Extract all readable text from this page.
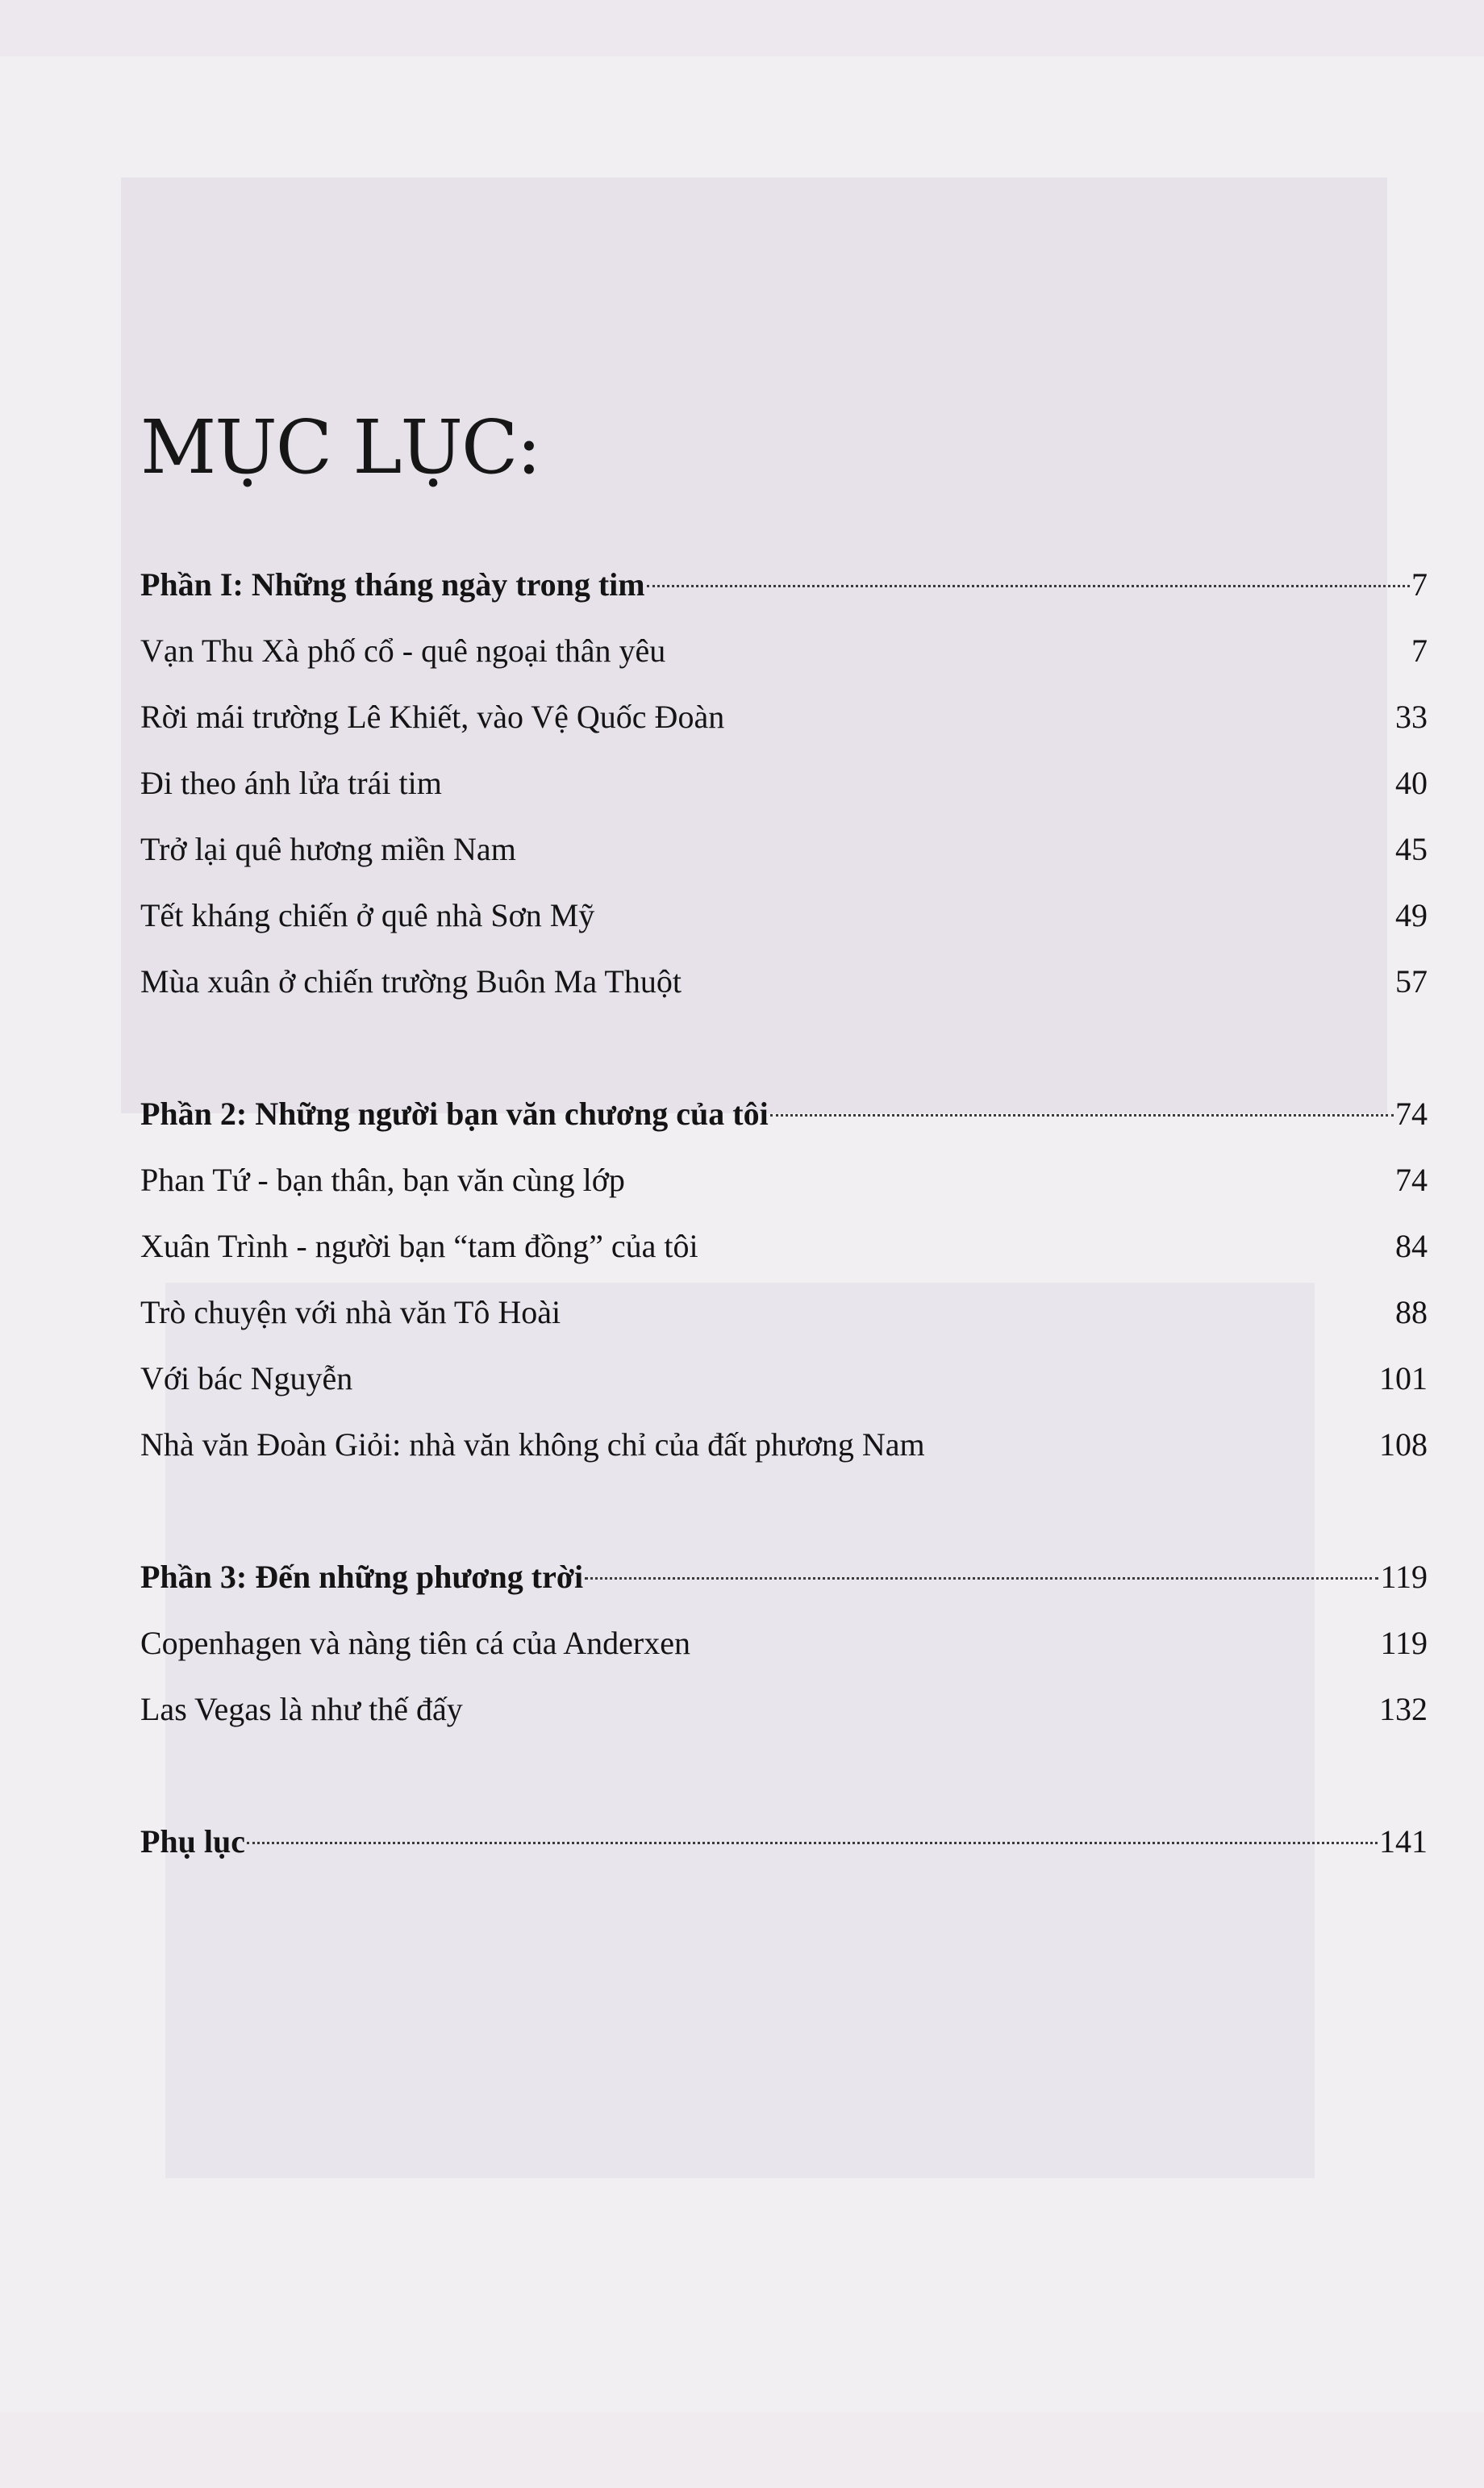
MỤC LỤC:
Phần I: Những tháng ngày trong tim	7
Vạn Thu Xà phố cổ - quê ngoại thân yêu	7
Rời mái trường Lê Khiết, vào Vệ Quốc Đoàn	33
Đi theo ánh lửa trái tim	40
Trở lại quê hương miền Nam	45
Tết kháng chiến ở quê nhà Sơn Mỹ	49
Mùa xuân ở chiến trường Buôn Ma Thuột	57
Phần 2: Những người bạn văn chương của tôi	74
Phan Tứ - bạn thân, bạn văn cùng lớp	74
Xuân Trình - người bạn “tam đồng” của tôi	84
Trò chuyện với nhà văn Tô Hoài	88
Với bác Nguyễn	101
Nhà văn Đoàn Giỏi: nhà văn không chỉ của đất phương Nam	108
Phần 3: Đến những phương trời	119
Copenhagen và nàng tiên cá của Anderxen	119
Las Vegas là như thế đấy	132
Phụ lục	141
